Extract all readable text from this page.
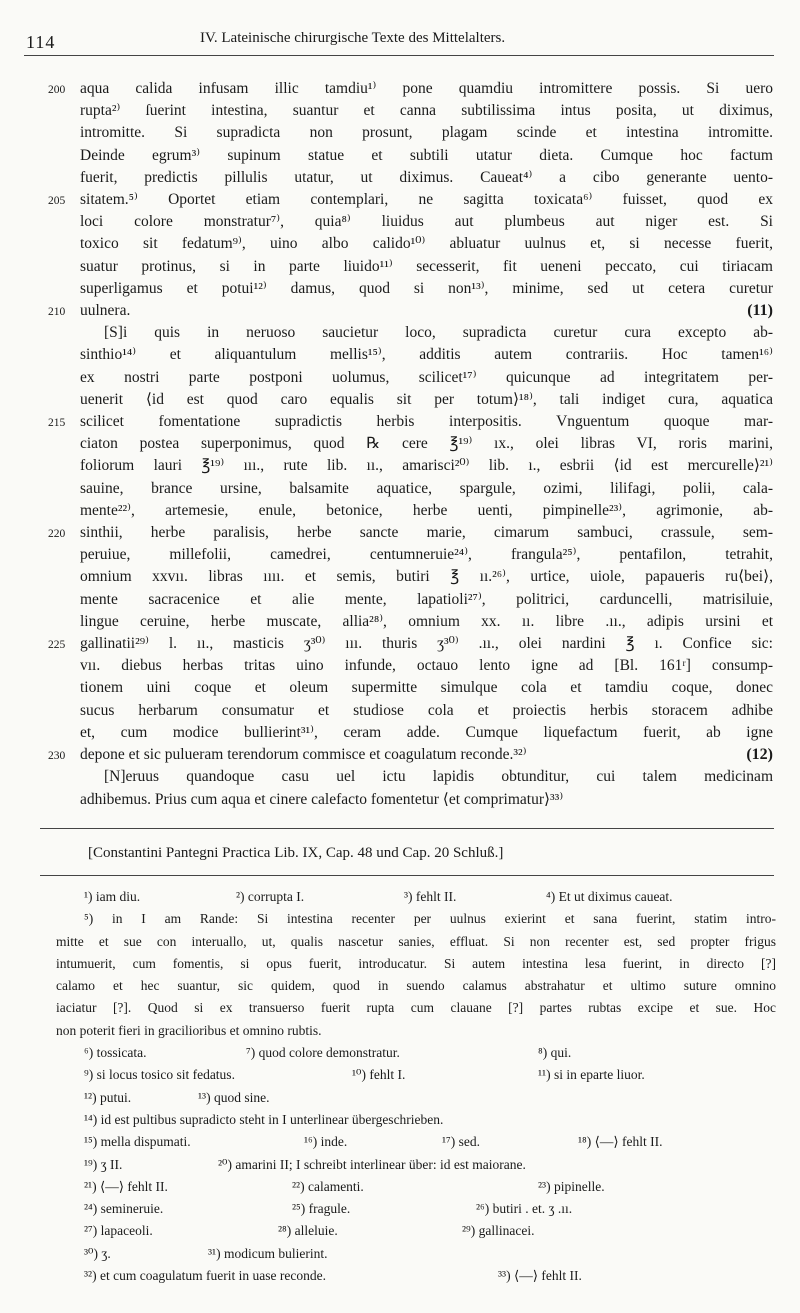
114	IV. Lateinische chirurgische Texte des Mittelalters.
200 aqua calida infusam illic tamdiu¹⁾ pone quamdiu intromittere possis. Si uero
rupta²⁾ ſuerint intestina, suantur et canna subtilissima intus posita, ut diximus,
intromitte. Si supradicta non prosunt, plagam scinde et intestina intromitte.
Deinde egrum³⁾ supinum statue et subtili utatur dieta. Cumque hoc factum
fuerit, predictis pillulis utatur, ut diximus. Caueat⁴⁾ a cibo generante uento-
205 sitatem.⁵⁾ Oportet etiam contemplari, ne sagitta toxicata⁶⁾ fuisset, quod ex
loci colore monstratur⁷⁾, quia⁸⁾ liuidus aut plumbeus aut niger est. Si
toxico sit fedatum⁹⁾, uino albo calido¹⁰⁾ abluatur uulnus et, si necesse fuerit,
suatur protinus, si in parte liuido¹¹⁾ secesserit, fit ueneni peccato, cui tiriacam
superligamus et potui¹²⁾ damus, quod si non¹³⁾, minime, sed ut cetera curetur
210 uulnera.	(11)
[S]i quis in neruoso saucietur loco, supradicta curetur cura excepto ab-
sinthio¹⁴⁾ et aliquantulum mellis¹⁵⁾, additis autem contrariis. Hoc tamen¹⁶⁾
ex nostri parte postponi uolumus, scilicet¹⁷⁾ quicunque ad integritatem per-
uenerit ⟨id est quod caro equalis sit per totum⟩¹⁸⁾, tali indiget cura, aquatica
215 scilicet fomentatione supradictis herbis interpositis. Vnguentum quoque mar-
ciaton postea superponimus, quod ℞ cere ℥¹⁹⁾ ıx., olei libras VI, roris marini,
foliorum lauri ℥¹⁹⁾ ııı., rute lib. ıı., amarisci²⁰⁾ lib. ı., esbrii ⟨id est mercurelle⟩²¹⁾
sauine, brance ursine, balsamite aquatice, spargule, ozimi, lilifagi, polii, cala-
mente²²⁾, artemesie, enule, betonice, herbe uenti, pimpinelle²³⁾, agrimonie, ab-
220 sinthii, herbe paralisis, herbe sancte marie, cimarum sambuci, crassule, sem-
peruiue, millefolii, camedrei, centumneruie²⁴⁾, frangula²⁵⁾, pentafilon, tetrahit,
omnium xxvıı. libras ıııı. et semis, butiri ℥ ıı.²⁶⁾, urtice, uiole, papaueris ru⟨bei⟩,
mente sacracenice et alie mente, lapatioli²⁷⁾, politrici, carduncelli, matrisiluie,
lingue ceruine, herbe muscate, allia²⁸⁾, omnium xx. ıı. libre .ıı., adipis ursini et
225 gallinatii²⁹⁾ l. ıı., masticis ʒ³⁰⁾ ııı. thuris ʒ³⁰⁾ .ıı., olei nardini ℥ ı. Confice sic:
vıı. diebus herbas tritas uino infunde, octauo lento igne ad [Bl. 161ʳ] consump-
tionem uini coque et oleum supermitte simulque cola et tamdiu coque, donec
sucus herbarum consumatur et studiose cola et proiectis herbis storacem adhibe
et, cum modice bullierint³¹⁾, ceram adde. Cumque liquefactum fuerit, ab igne
230 depone et sic pulueram terendorum commisce et coagulatum reconde.³²⁾	(12)
[N]eruus quandoque casu uel ictu lapidis obtunditur, cui talem medicinam
adhibemus. Prius cum aqua et cinere calefacto fomentetur ⟨et comprimatur⟩³³⁾
[Constantini Pantegni Practica Lib. IX, Cap. 48 und Cap. 20 Schluß.]
¹) iam diu.	²) corrupta I.	³) fehlt II.	⁴) Et ut diximus caueat.
⁵) in I am Rande: Si intestina recenter per uulnus exierint et sana fuerint, statim intro-
mitte et sue con interuallo, ut, qualis nascetur sanies, effluat. Si non recenter est, sed propter frigus
intumuerit, cum fomentis, si opus fuerit, introducatur. Si autem intestina lesa fuerint, in directo [?]
calamo et hec suantur, sic quidem, quod in suendo calamus abstrahatur et ultimo suture omnino
iaciatur [?]. Quod si ex transuerso fuerit rupta cum clauane [?] partes rubtas excipe et sue. Hoc
non poterit fieri in gracilioribus et omnino rubtis.
⁶) tossicata.	⁷) quod colore demonstratur.	⁸) qui.
⁹) si locus tosico sit fedatus.	¹⁰) fehlt I.	¹¹) si in eparte liuor.
¹²) putui.	¹³) quod sine.
¹⁴) id est pultibus supradicto steht in I unterlinear übergeschrieben.
¹⁵) mella dispumati.	¹⁶) inde.	¹⁷) sed.	¹⁸) ⟨—⟩ fehlt II.
¹⁹) ʒ II.	²⁰) amarini II; I schreibt interlinear über: id est maiorane.
²¹) ⟨—⟩ fehlt II.	²²) calamenti.	²³) pipinelle.
²⁴) semineruie.	²⁵) fragule.	²⁶) butiri . et. ʒ .ıı.
²⁷) lapaceoli.	²⁸) alleluie.	²⁹) gallinacei.
³⁰) ʒ.	³¹) modicum bulierint.
³²) et cum coagulatum fuerit in uase reconde.	³³) ⟨—⟩ fehlt II.
